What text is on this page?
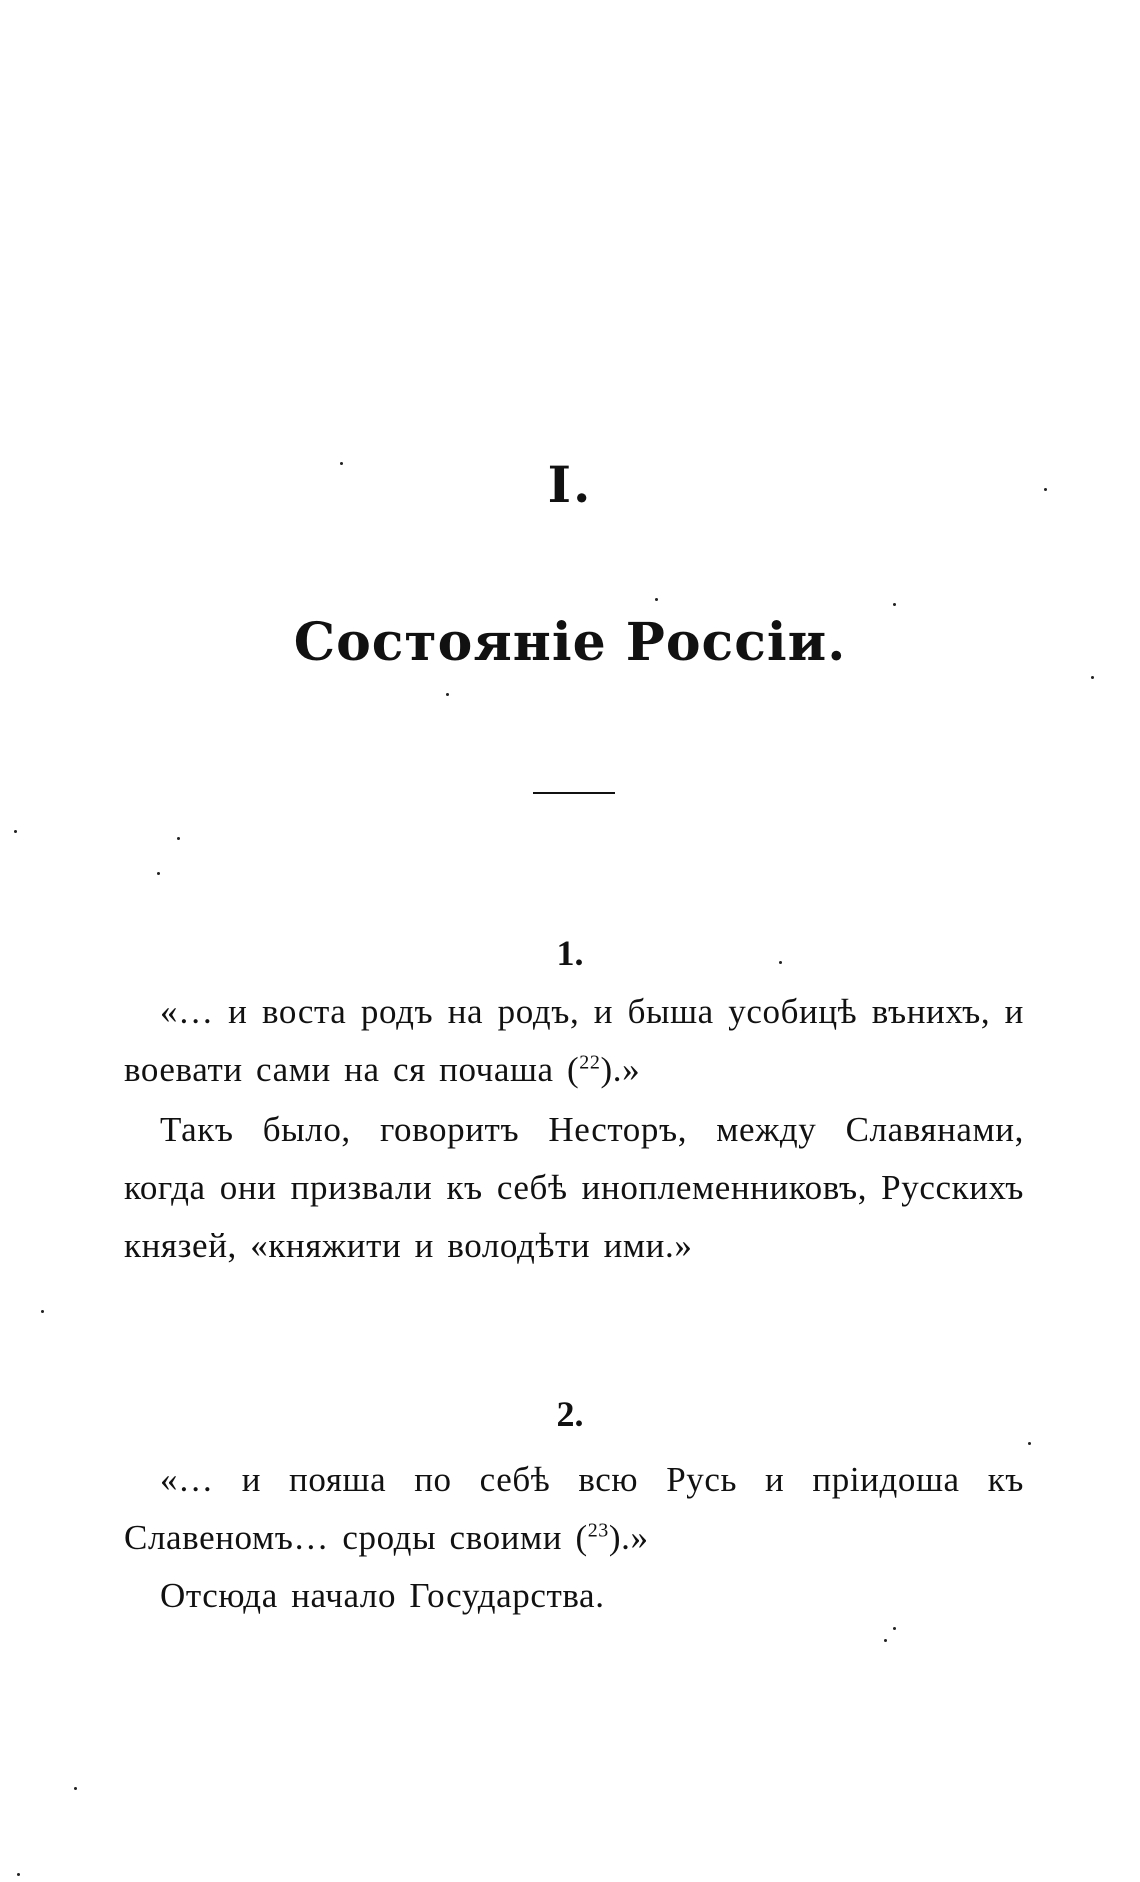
I.
Состояніе Россіи.
1.

«… и воста родъ на родъ, и быша усобицѣ вънихъ, и воевати сами на ся почаша ($^{22}$).»

Такъ было, говоритъ Несторъ, между Славянами, когда они призвали къ себѣ иноплеменниковъ, Русскихъ князей, «княжити и володѣти ими.»

2.

«… и пояша по себѣ всю Русь и пріидоша къ Славеномъ… сроды своими ($^{23}$).»

Отсюда начало Государства.
